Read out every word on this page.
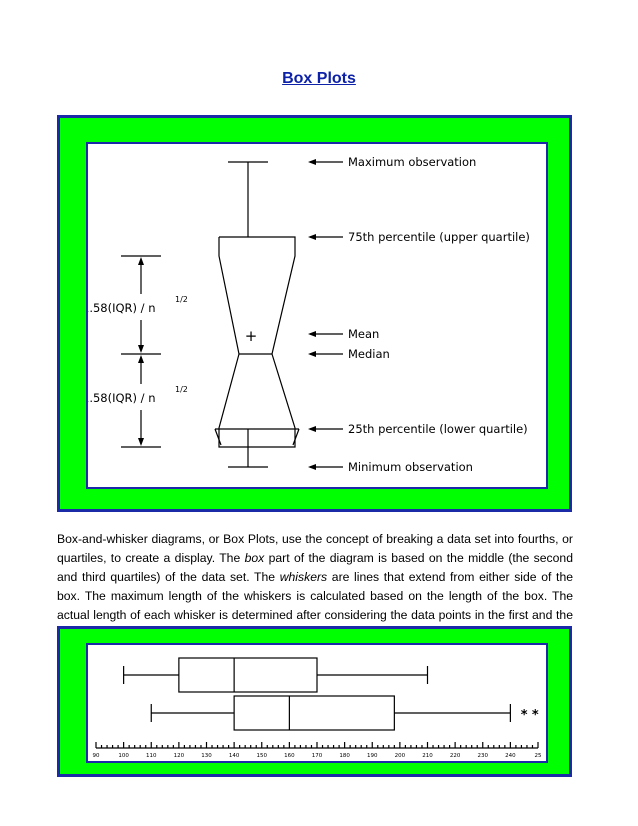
Box Plots
+
1.58(IQR) / n
1/2
1.58(IQR) / n
1/2
Maximum observation
75th percentile (upper quartile)
Mean
Median
25th percentile (lower quartile)
Minimum observation

Box-and-whisker diagrams, or Box Plots, use the concept of breaking a data set into fourths, or quartiles, to create a display. The box part of the diagram is based on the middle (the second and third quartiles) of the data set. The whiskers are lines that extend from either side of the box. The maximum length of the whiskers is calculated based on the length of the box. The actual length of each whisker is determined after considering the data points in the first and the

* *
90	100	110	120	130	140	150	160	170	180	190	200	210	220	230	240	25
